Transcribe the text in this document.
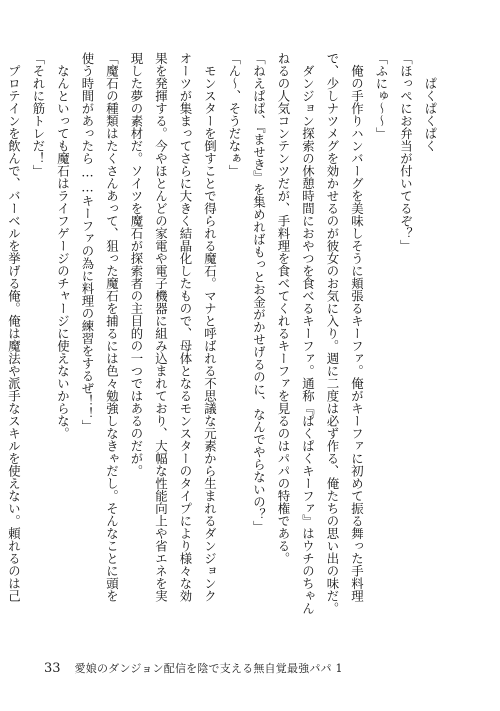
　　ぱくぱくぱく
「ほっぺにお弁当が付いてるぞ？」
「ふにゅ〜〜」
　俺の手作りハンバーグを美味しそうに頬張るキーファ。俺がキーファに初めて振る舞った手料理
で、少しナツメグを効かせるのが彼女のお気に入り。週に二度は必ず作る、俺たちの思い出の味だ。
　ダンジョン探索の休憩時間におやつを食べるキーファ。通称『ぱくぱくキーファ』はウチのちゃん
ねるの人気コンテンツだが、手料理を食べてくれるキーファを見るのはパパの特権である。
「ねえぱぱ、『ませき』を集めればもっとお金がかせげるのに、なんでやらないの？」
「ん〜、そうだなぁ」
　モンスターを倒すことで得られる魔石。マナと呼ばれる不思議な元素から生まれるダンジョンク
オーツが集まってさらに大きく結晶化したもので、母体となるモンスターのタイプにより様々な効
果を発揮する。今やほとんどの家電や電子機器に組み込まれており、大幅な性能向上や省エネを実
現した夢の素材だ。ソイツを魔石が探索者の主目的の一つではあるのだが。
「魔石の種類はたくさんあって、狙った魔石を捕るには色々勉強しなきゃだし。そんなことに頭を
使う時間があったら……キーファの為に料理の練習をするぜ！！」
　なんといっても魔石はライフゲージのチャージに使えないからな。
「それに筋トレだ！」
　プロテインを飲んで、バーベルを挙げる俺。俺は魔法や派手なスキルを使えない。頼れるのは己
33 愛娘のダンジョン配信を陰で支える無自覚最強パパ 1
